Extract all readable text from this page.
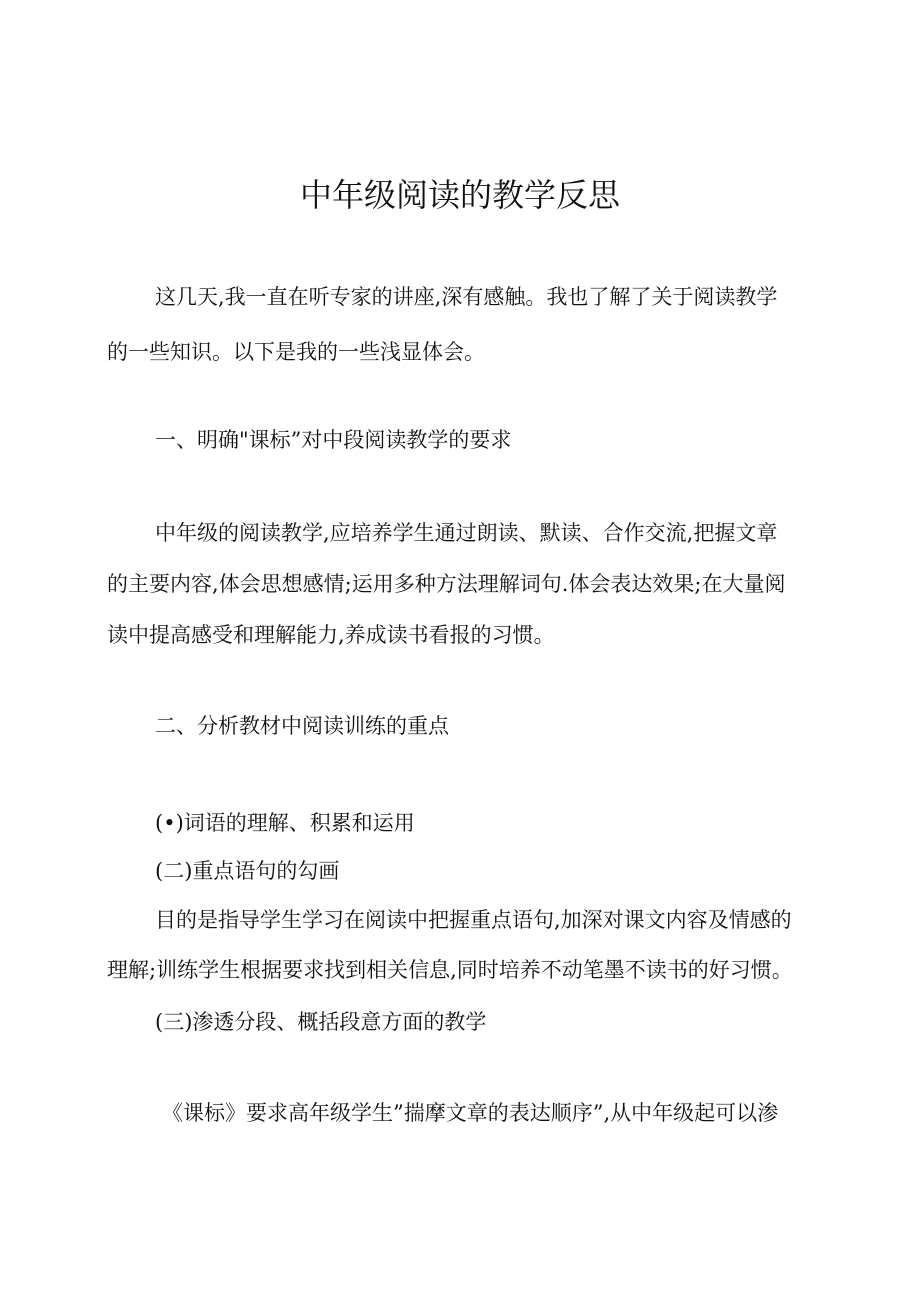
中年级阅读的教学反思
这几天,我一直在听专家的讲座,深有感触。我也了解了关于阅读教学
的一些知识。以下是我的一些浅显体会。
一、明确"课标”对中段阅读教学的要求
中年级的阅读教学,应培养学生通过朗读、默读、合作交流,把握文章
的主要内容,体会思想感情;运用多种方法理解词句.体会表达效果;在大量阅
读中提高感受和理解能力,养成读书看报的习惯。
二、分析教材中阅读训练的重点
(•)词语的理解、积累和运用
(二)重点语句的勾画
目的是指导学生学习在阅读中把握重点语句,加深对课文内容及情感的
理解;训练学生根据要求找到相关信息,同时培养不动笔墨不读书的好习惯。
(三)渗透分段、概括段意方面的教学
《课标》要求高年级学生”揣摩文章的表达顺序”,从中年级起可以渗
